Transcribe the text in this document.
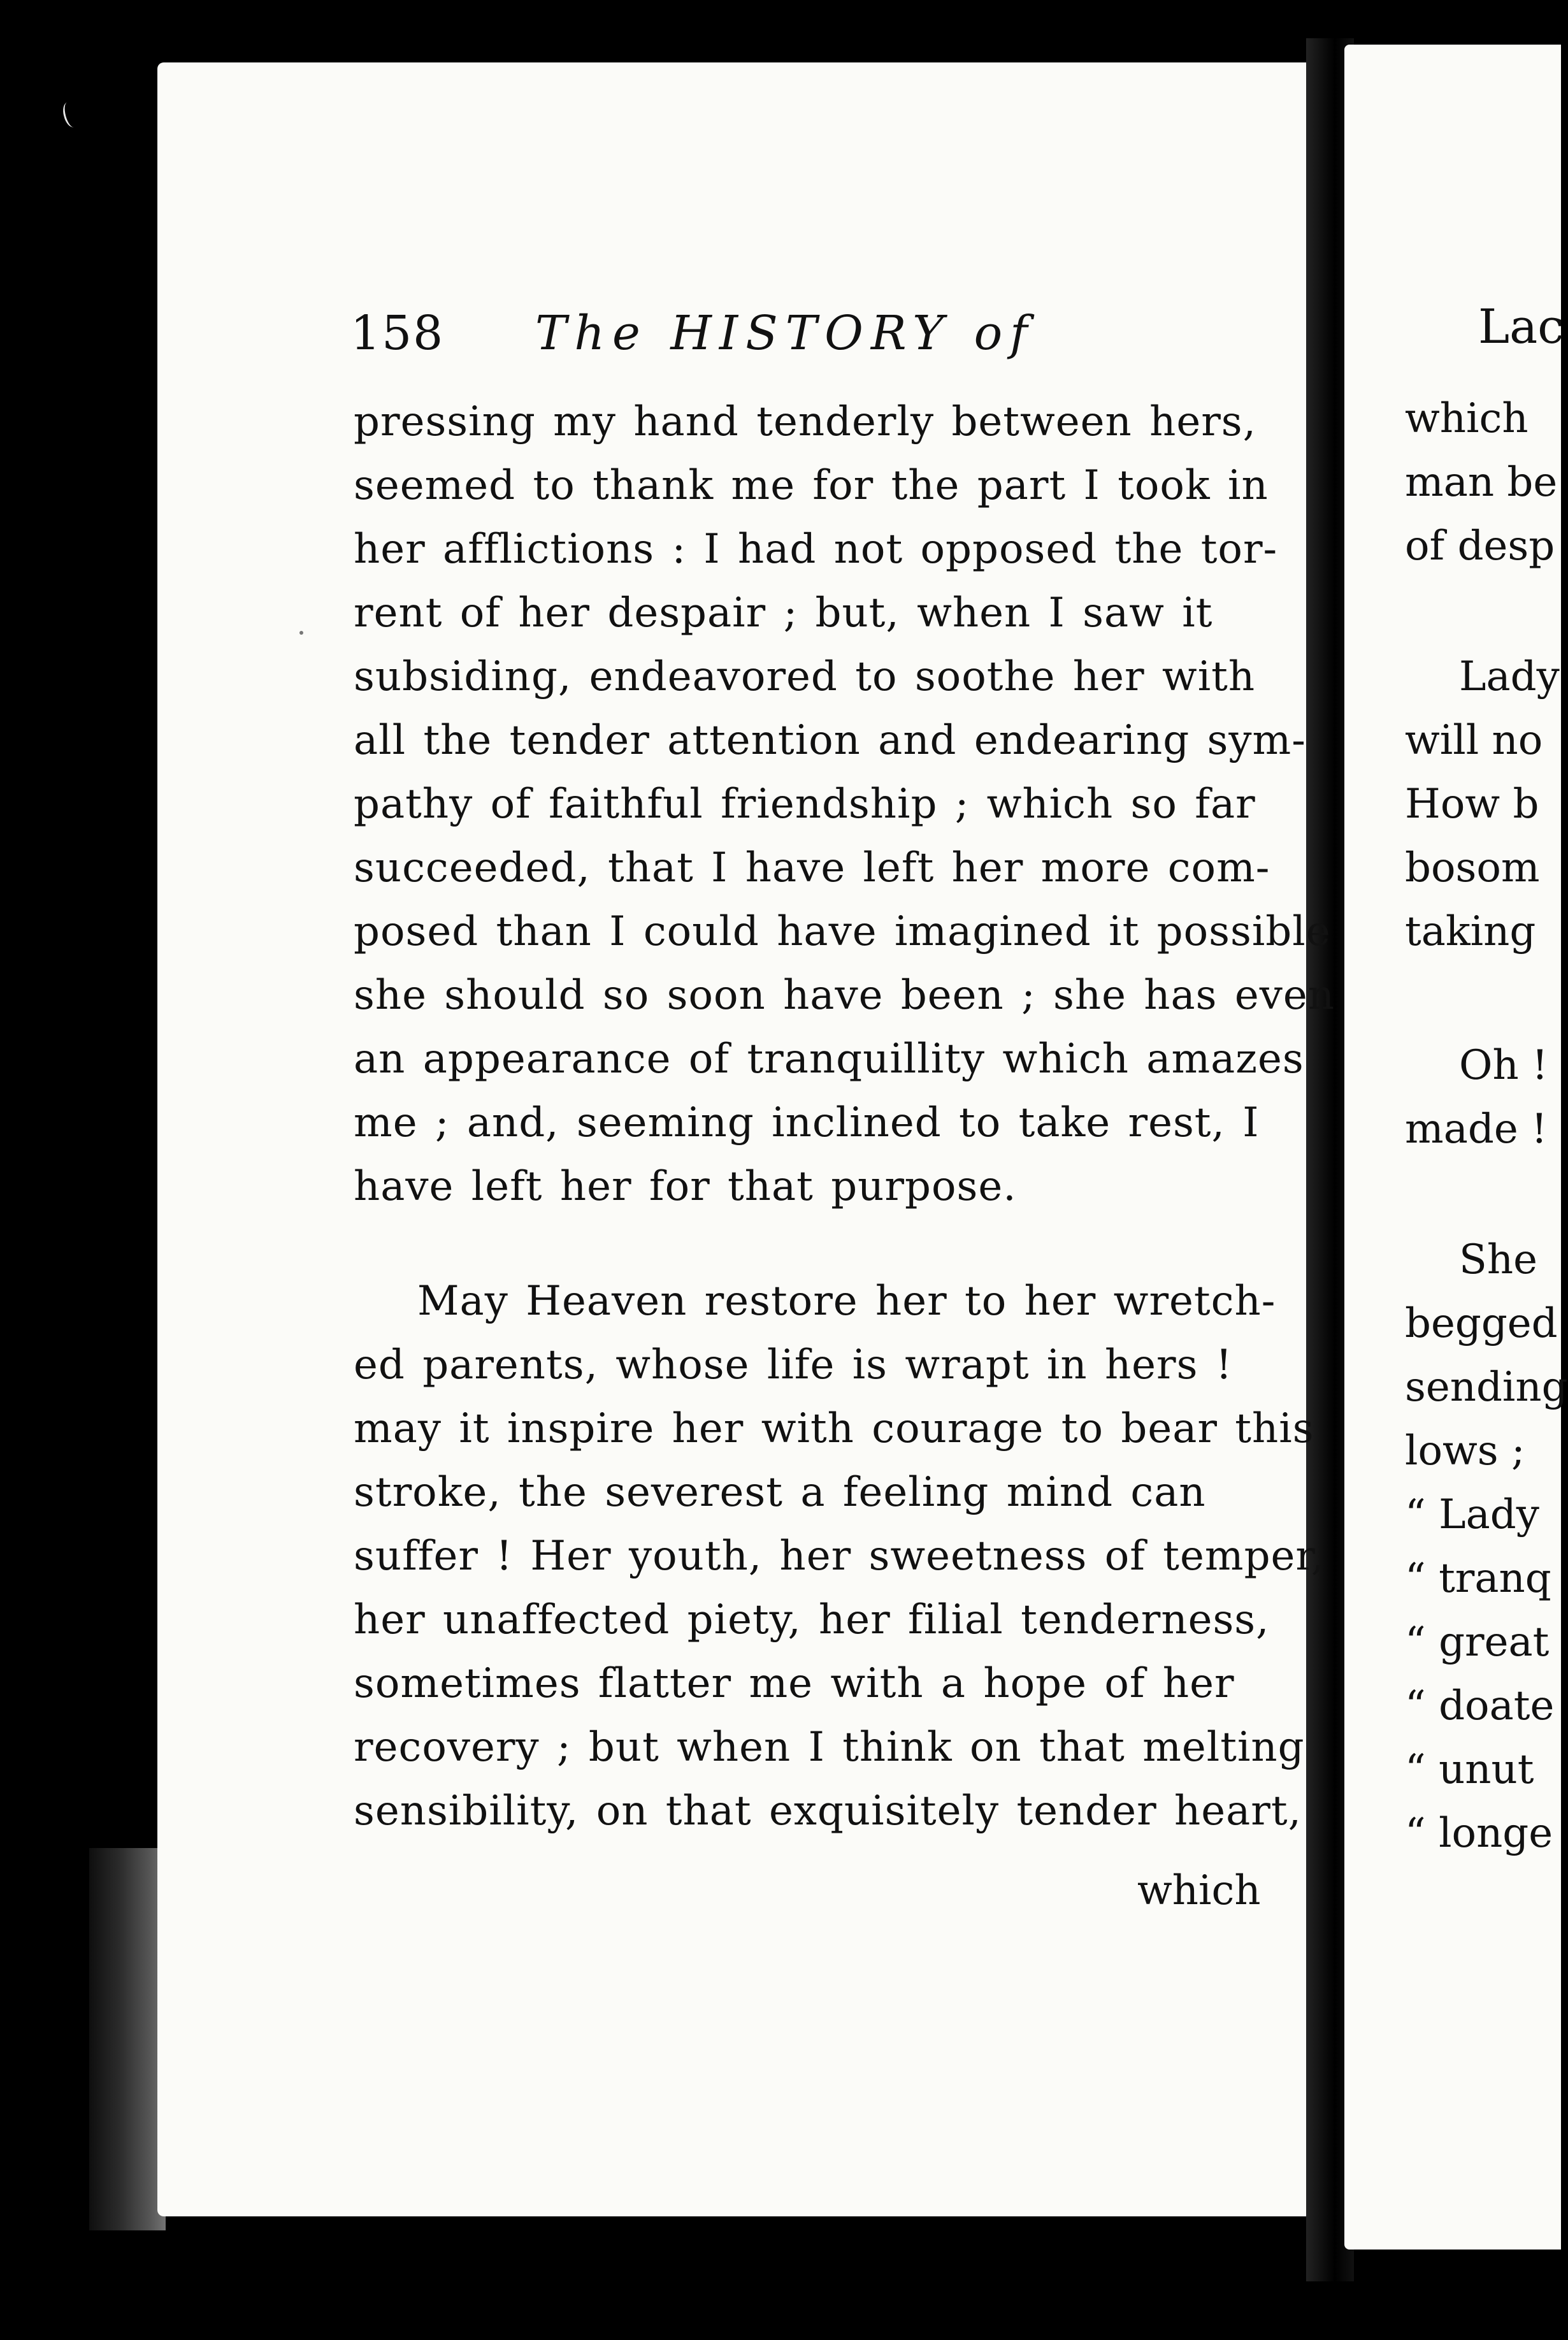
158 The HISTORY of
pressing my hand tenderly between hers,
seemed to thank me for the part I took in
her afflictions : I had not opposed the tor-
rent of her despair ; but, when I saw it
subsiding, endeavored to soothe her with
all the tender attention and endearing sym-
pathy of faithful friendship ; which so far
succeeded, that I have left her more com-
posed than I could have imagined it possible
she should so soon have been ; she has even
an appearance of tranquillity which amazes
me ; and, seeming inclined to take rest, I
have left her for that purpose.
May Heaven restore her to her wretch-
ed parents, whose life is wrapt in hers !
may it inspire her with courage to bear this
stroke, the severest a feeling mind can
suffer ! Her youth, her sweetness of temper,
her unaffected piety, her filial tenderness,
sometimes flatter me with a hope of her
recovery ; but when I think on that melting
sensibility, on that exquisitely tender heart,
which
Lac
which
man be
of desp
Lady
will no
How b
bosom
taking
Oh !
made !
She
begged
sending
lows ;
“ Lady
“ tranq
“ great
“ doate
“ unut
“ longe
